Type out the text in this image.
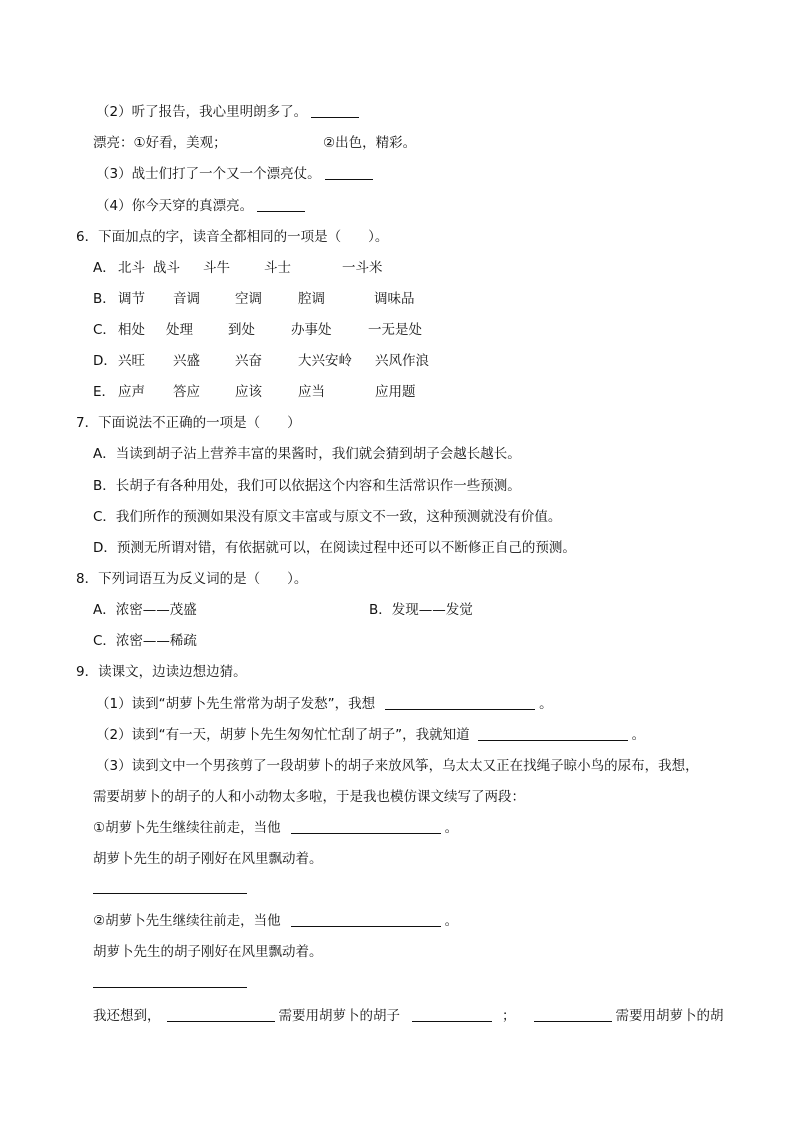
（2）听了报告，我心里明朗多了。
漂亮：①好看，美观；	②出色，精彩。
（3）战士们打了一个又一个漂亮仗。
（4）你今天穿的真漂亮。
6．下面加点的字，读音全都相同的一项是（　　）。
A． 北斗 战斗 斗牛	斗士	一斗米
B． 调节 音调	空调	腔调	调味品
C． 相处 处理	到处	办事处	一无是处
D． 兴旺 兴盛	兴奋	大兴安岭 兴风作浪
E． 应声 答应	应该	应当	应用题
7．下面说法不正确的一项是（　　）
A．当读到胡子沾上营养丰富的果酱时，我们就会猜到胡子会越长越长。
B．长胡子有各种用处，我们可以依据这个内容和生活常识作一些预测。
C．我们所作的预测如果没有原文丰富或与原文不一致，这种预测就没有价值。
D．预测无所谓对错，有依据就可以，在阅读过程中还可以不断修正自己的预测。
8．下列词语互为反义词的是（　　）。
A．浓密——茂盛	B．发现——发觉
C．浓密——稀疏
9．读课文，边读边想边猜。
（1）读到“胡萝卜先生常常为胡子发愁”，我想	。
（2）读到“有一天，胡萝卜先生匆匆忙忙刮了胡子”，我就知道	。
（3）读到文中一个男孩剪了一段胡萝卜的胡子来放风筝，乌太太又正在找绳子晾小鸟的尿布，我想，
需要胡萝卜的胡子的人和小动物太多啦，于是我也模仿课文续写了两段：
①胡萝卜先生继续往前走，当他	。
胡萝卜先生的胡子刚好在风里飘动着。
②胡萝卜先生继续往前走，当他	。
胡萝卜先生的胡子刚好在风里飘动着。
我还想到，	需要用胡萝卜的胡子	；	需要用胡萝卜的胡
